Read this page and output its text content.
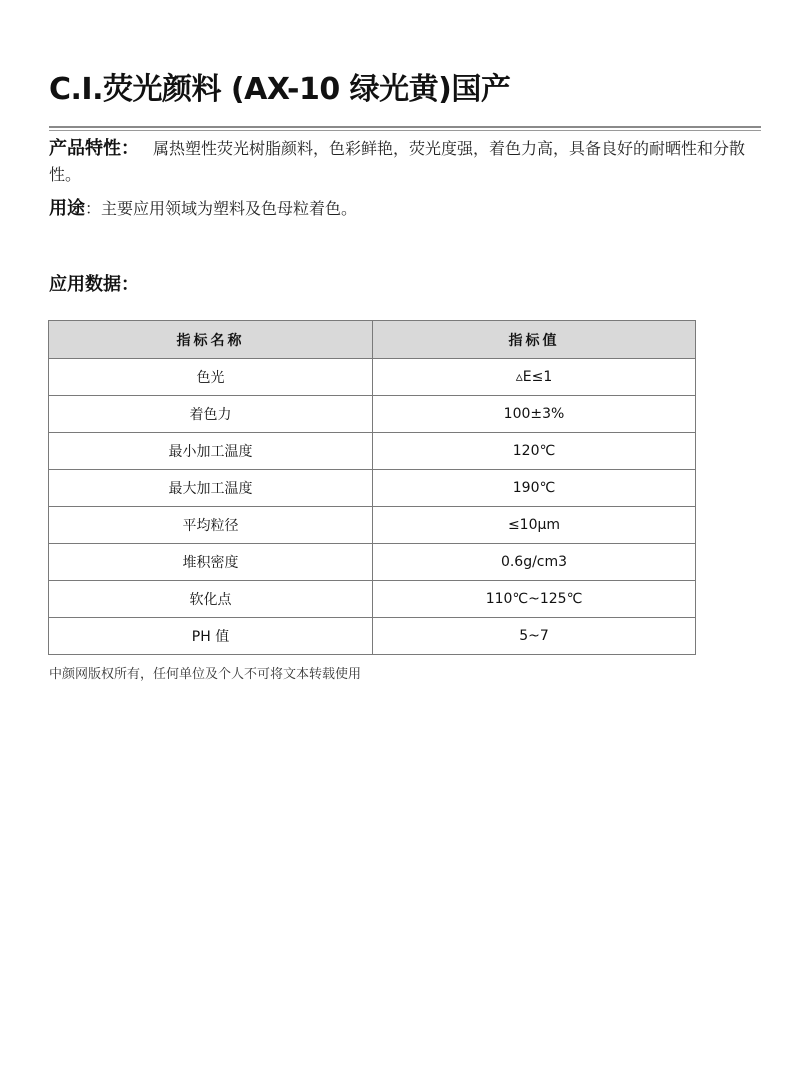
C.I.荧光颜料 (AX-10 绿光黄)国产
产品特性： 属热塑性荧光树脂颜料，色彩鲜艳，荧光度强，着色力高，具备良好的耐晒性和分散性。
用途：主要应用领域为塑料及色母粒着色。
应用数据：
指标名称	指标值
色光	▵E≤1
着色力	100±3%
最小加工温度	120℃
最大加工温度	190℃
平均粒径	≤10μm
堆积密度	0.6g/cm3
软化点	110℃~125℃
PH 值	5~7
中颜网版权所有，任何单位及个人不可将文本转载使用
